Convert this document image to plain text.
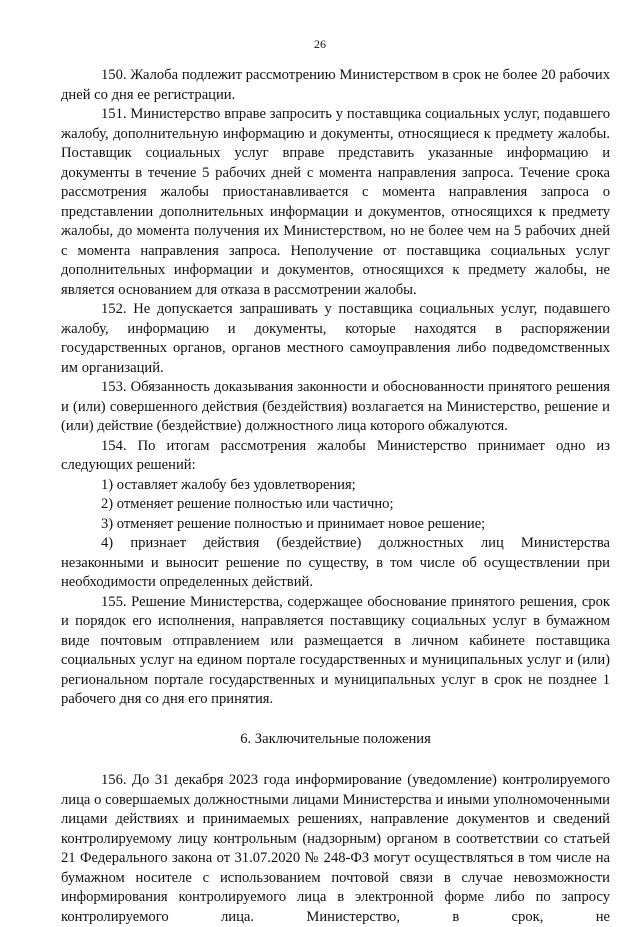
26

150. Жалоба подлежит рассмотрению Министерством в срок не более 20 рабочих дней со дня ее регистрации.

151. Министерство вправе запросить у поставщика социальных услуг, подавшего жалобу, дополнительную информацию и документы, относящиеся к предмету жалобы. Поставщик социальных услуг вправе представить указанные информацию и документы в течение 5 рабочих дней с момента направления запроса. Течение срока рассмотрения жалобы приостанавливается с момента направления запроса о представлении дополнительных информации и документов, относящихся к предмету жалобы, до момента получения их Министерством, но не более чем на 5 рабочих дней с момента направления запроса. Неполучение от поставщика социальных услуг дополнительных информации и документов, относящихся к предмету жалобы, не является основанием для отказа в рассмотрении жалобы.

152. Не допускается запрашивать у поставщика социальных услуг, подавшего жалобу, информацию и документы, которые находятся в распоряжении государственных органов, органов местного самоуправления либо подведомственных им организаций.

153. Обязанность доказывания законности и обоснованности принятого решения и (или) совершенного действия (бездействия) возлагается на Министерство, решение и (или) действие (бездействие) должностного лица которого обжалуются.

154. По итогам рассмотрения жалобы Министерство принимает одно из следующих решений:

1) оставляет жалобу без удовлетворения;

2) отменяет решение полностью или частично;

3) отменяет решение полностью и принимает новое решение;

4) признает действия (бездействие) должностных лиц Министерства незаконными и выносит решение по существу, в том числе об осуществлении при необходимости определенных действий.

155. Решение Министерства, содержащее обоснование принятого решения, срок и порядок его исполнения, направляется поставщику социальных услуг в бумажном виде почтовым отправлением или размещается в личном кабинете поставщика социальных услуг на едином портале государственных и муниципальных услуг и (или) региональном портале государственных и муниципальных услуг в срок не позднее 1 рабочего дня со дня его принятия.

6. Заключительные положения

156. До 31 декабря 2023 года информирование (уведомление) контролируемого лица о совершаемых должностными лицами Министерства и иными уполномоченными лицами действиях и принимаемых решениях, направление документов и сведений контролируемому лицу контрольным (надзорным) органом в соответствии со статьей 21 Федерального закона от 31.07.2020 № 248-ФЗ могут осуществляться в том числе на бумажном носителе с использованием почтовой связи в случае невозможности информирования контролируемого лица в электронной форме либо по запросу контролируемого лица. Министерство, в срок, не
